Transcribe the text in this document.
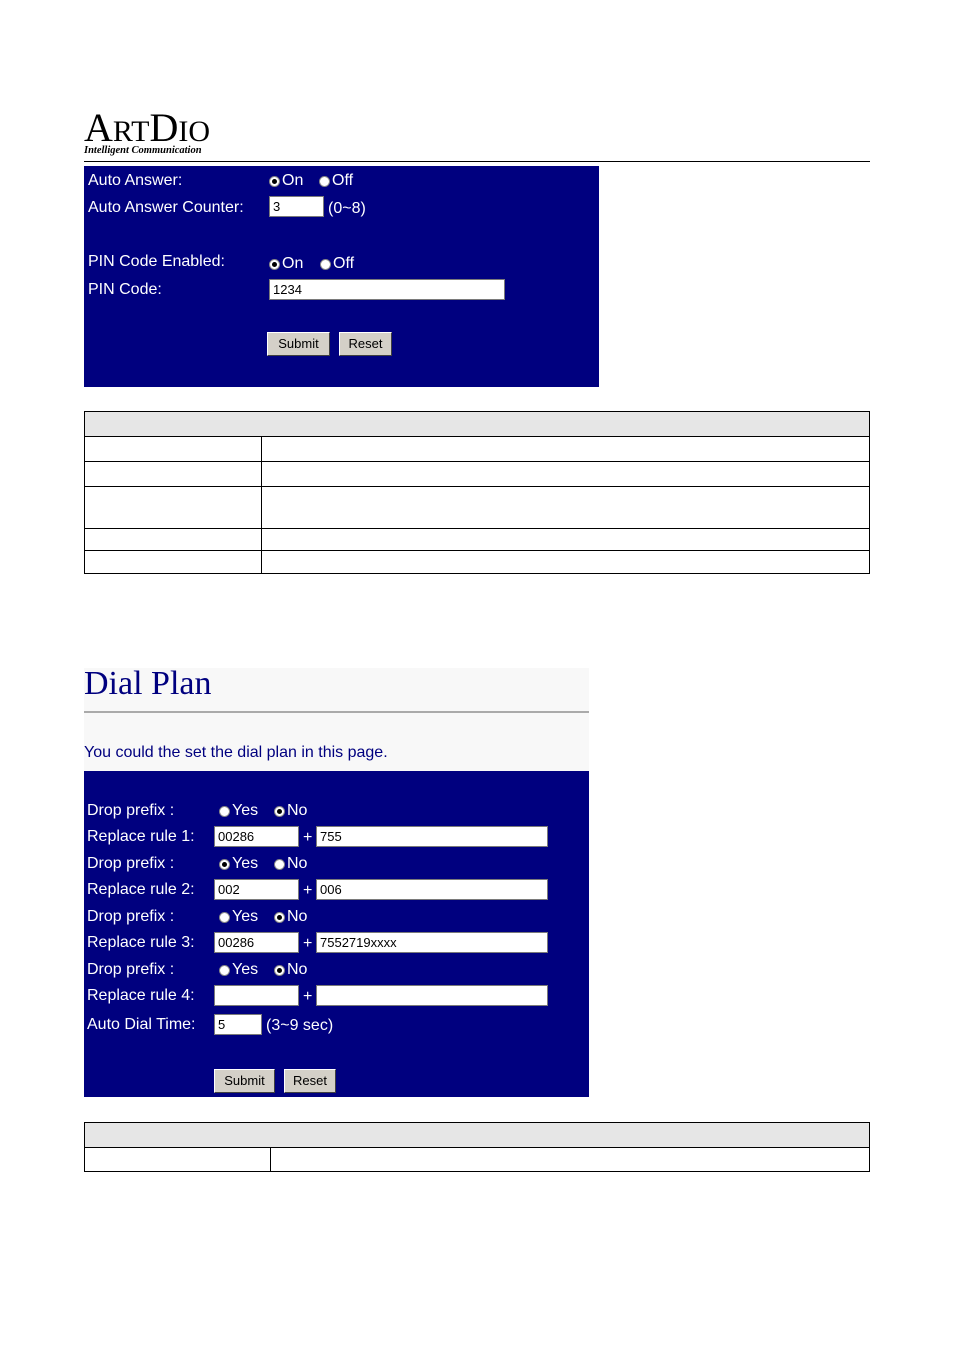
ARTDIO
Intelligent Communication
Auto Answer:	On Off
Auto Answer Counter:
3	(0~8)
PIN Code Enabled:	On Off
PIN Code:
1234
Submit	Reset

Dial Plan
You could the set the dial plan in this page.
Drop prefix :	Yes No
Replace rule 1:
00286	+
755
Drop prefix :	Yes No
Replace rule 2:
002	+
006
Drop prefix :	Yes No
Replace rule 3:
00286	+
7552719xxxx
Drop prefix :	Yes No
Replace rule 4:	+
Auto Dial Time:
5	(3~9 sec)
Submit	Reset
